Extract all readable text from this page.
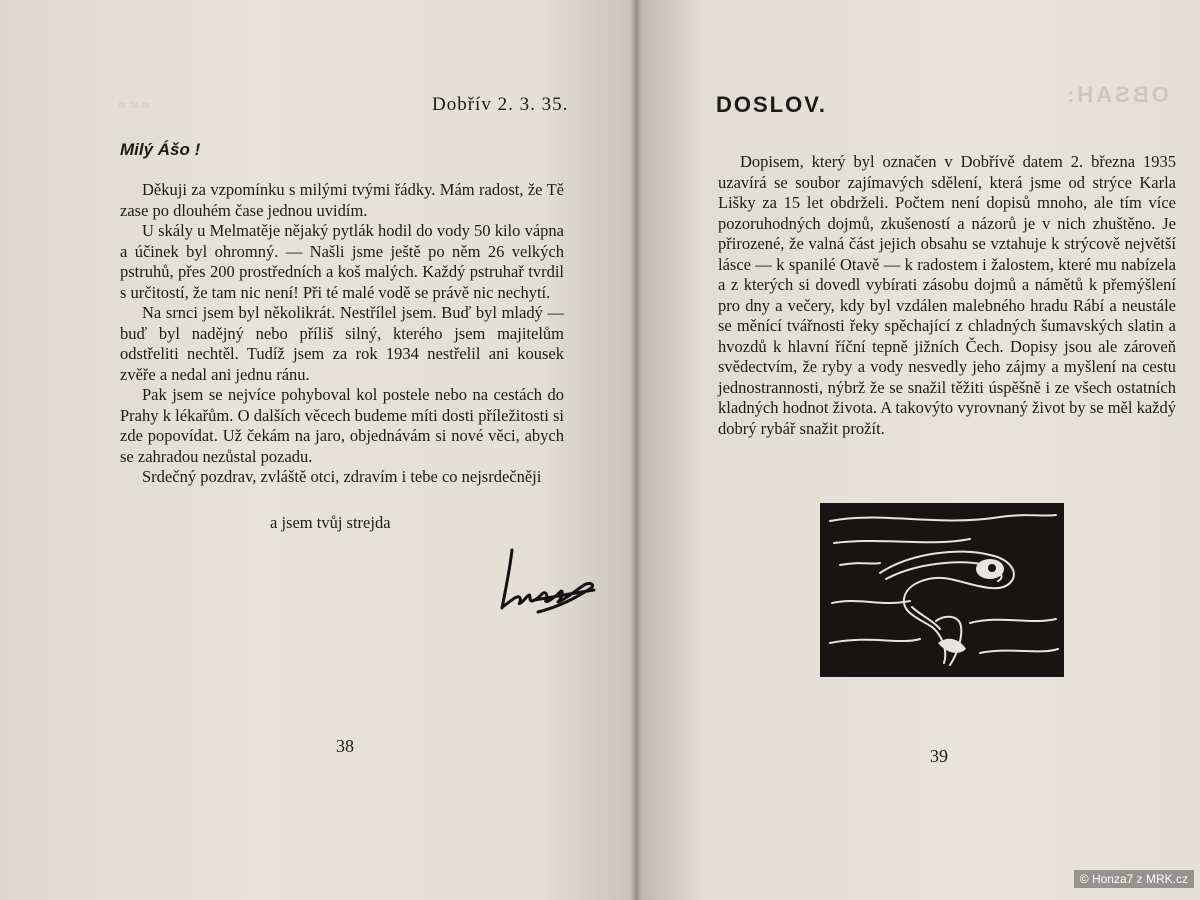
≈ ≈ ≈	OBSAH:
Dobřív 2. 3. 35.
Milý Ášo !

Děkuji za vzpomínku s milými tvými řádky. Mám radost, že Tě zase po dlouhém čase jednou uvidím.

U skály u Melmatěje nějaký pytlák hodil do vody 50 kilo vápna a účinek byl ohromný. — Našli jsme ještě po něm 26 velkých pstruhů, přes 200 prostředních a koš malých. Každý pstruhař tvrdil s určitostí, že tam nic není! Při té malé vodě se právě nic nechytí.

Na srnci jsem byl několikrát. Nestřílel jsem. Buď byl mladý — buď byl nadějný nebo příliš silný, kterého jsem majitelům odstřeliti nechtěl. Tudíž jsem za rok 1934 nestřelil ani kousek zvěře a nedal ani jednu ránu.

Pak jsem se nejvíce pohyboval kol postele nebo na cestách do Prahy k lékařům. O dalších věcech budeme míti dosti příležitosti si zde popovídat. Už čekám na jaro, objednávám si nové věci, abych se zahradou nezůstal pozadu.

Srdečný pozdrav, zvláště otci, zdravím i tebe co nejsrdečněji

a jsem tvůj strejda
38
DOSLOV.

Dopisem, který byl označen v Dobřívě datem 2. března 1935 uzavírá se soubor zajímavých sdělení, která jsme od strýce Karla Lišky za 15 let obdrželi. Počtem není dopisů mnoho, ale tím více pozoruhodných dojmů, zkušeností a názorů je v nich zhuštěno. Je přirozené, že valná část jejich obsahu se vztahuje k strýcově největší lásce — k spanilé Otavě — k radostem i žalostem, které mu nabízela a z kterých si dovedl vybírati zásobu dojmů a námětů k přemýšlení pro dny a večery, kdy byl vzdálen malebného hradu Rábí a neustále se měnící tvářnosti řeky spěchající z chladných šumavských slatin a hvozdů k hlavní říční tepně jižních Čech. Dopisy jsou ale zároveň svědectvím, že ryby a vody nesvedly jeho zájmy a myšlení na cestu jednostrannosti, nýbrž že se snažil těžiti úspěšně i ze všech ostatních kladných hodnot života. A takovýto vyrovnaný život by se měl každý dobrý rybář snažit prožít.

39
© Honza7 z MRK.cz
